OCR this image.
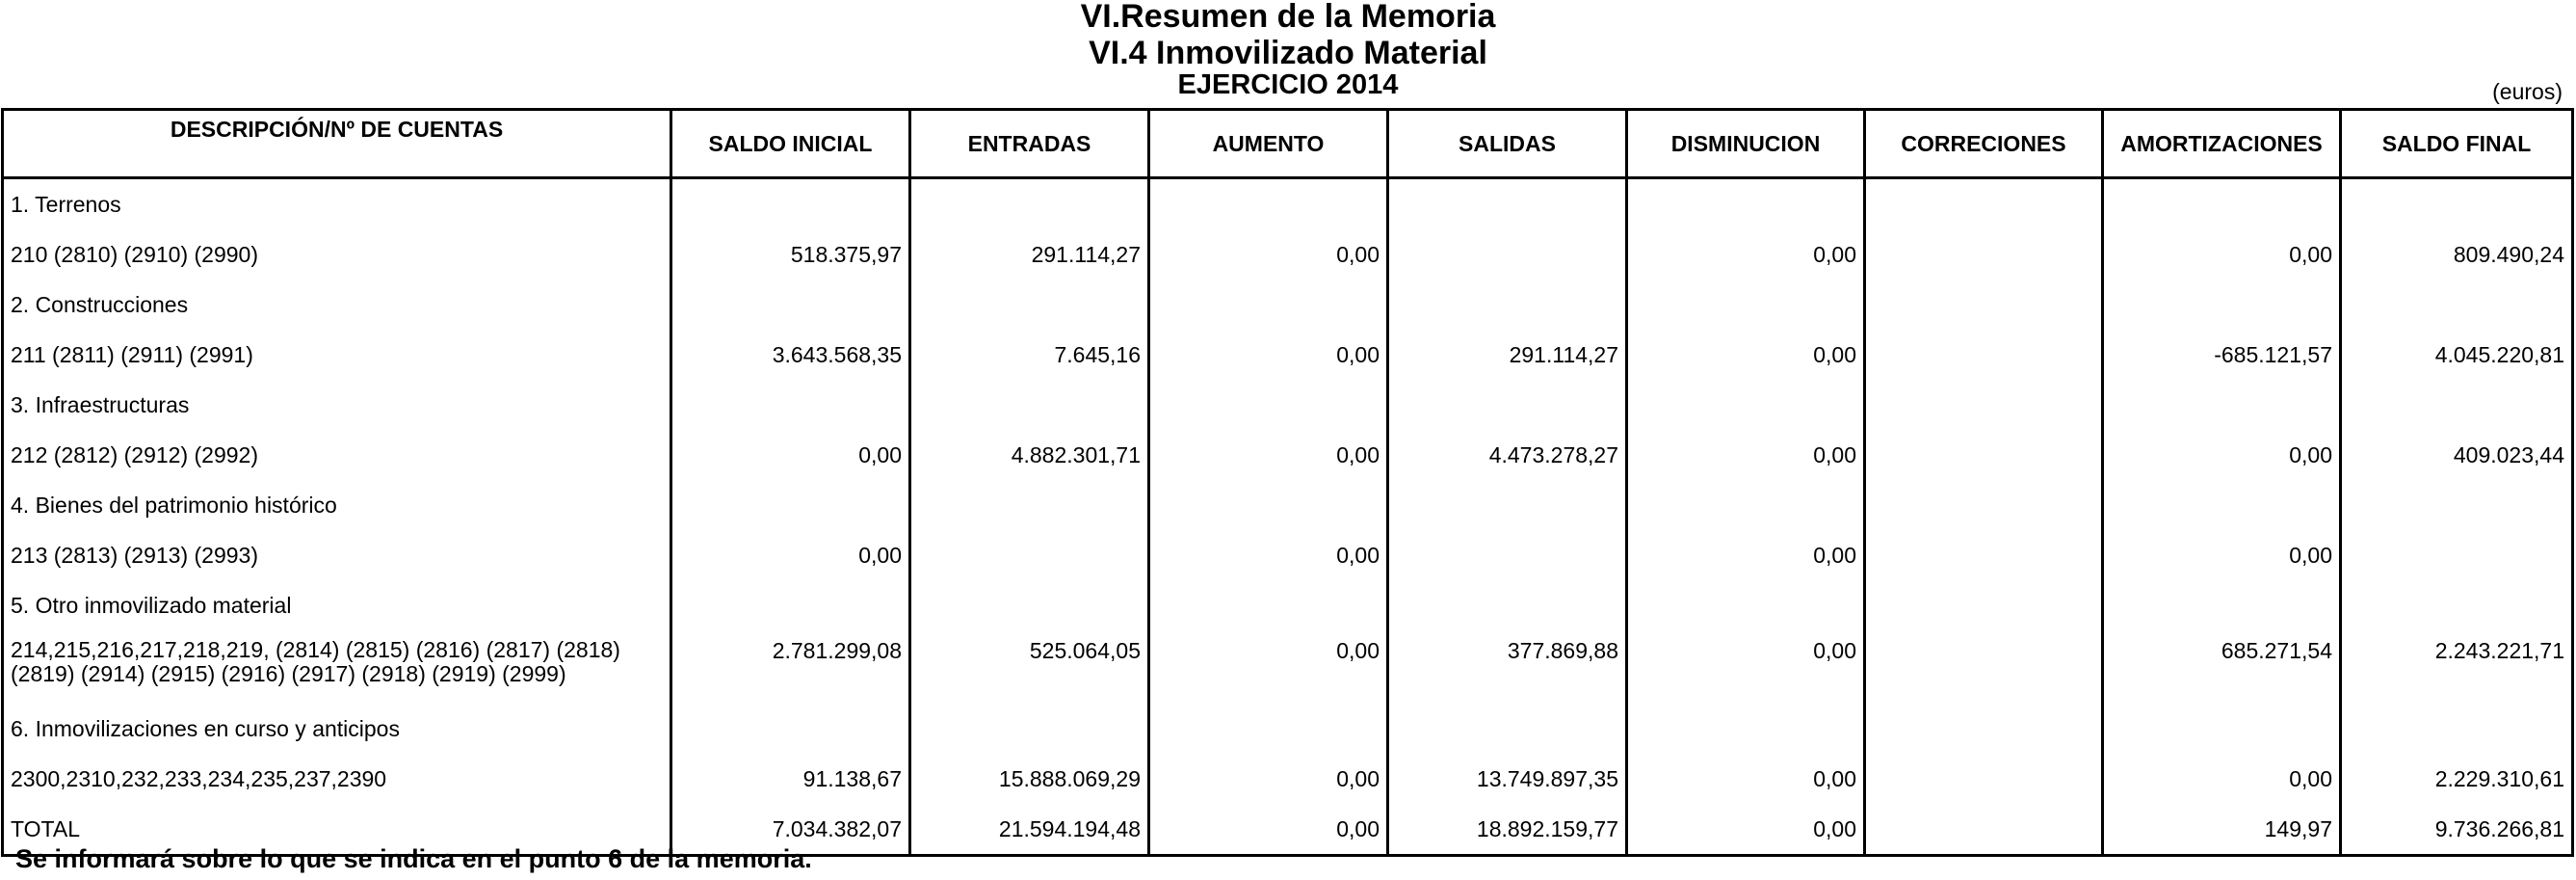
VI.Resumen de la Memoria
VI.4 Inmovilizado Material
EJERCICIO 2014	(euros)
DESCRIPCIÓN/Nº DE CUENTAS	SALDO INICIAL	ENTRADAS	AUMENTO	SALIDAS	DISMINUCION	CORRECIONES	AMORTIZACIONES	SALDO FINAL
1. Terrenos								
210 (2810) (2910) (2990)	518.375,97	291.114,27	0,00		0,00		0,00	809.490,24
2. Construcciones								
211 (2811) (2911) (2991)	3.643.568,35	7.645,16	0,00	291.114,27	0,00		-685.121,57	4.045.220,81
3. Infraestructuras								
212 (2812) (2912) (2992)	0,00	4.882.301,71	0,00	4.473.278,27	0,00		0,00	409.023,44
4. Bienes del patrimonio histórico								
213 (2813) (2913) (2993)	0,00		0,00		0,00		0,00	
5. Otro inmovilizado material								
214,215,216,217,218,219, (2814) (2815) (2816) (2817) (2818) (2819) (2914) (2915) (2916) (2917) (2918) (2919) (2999)	2.781.299,08	525.064,05	0,00	377.869,88	0,00		685.271,54	2.243.221,71
6. Inmovilizaciones en curso y anticipos								
2300,2310,232,233,234,235,237,2390	91.138,67	15.888.069,29	0,00	13.749.897,35	0,00		0,00	2.229.310,61
TOTAL	7.034.382,07	21.594.194,48	0,00	18.892.159,77	0,00		149,97	9.736.266,81
Se informará sobre lo que se indica en el punto 6 de la memoria.
